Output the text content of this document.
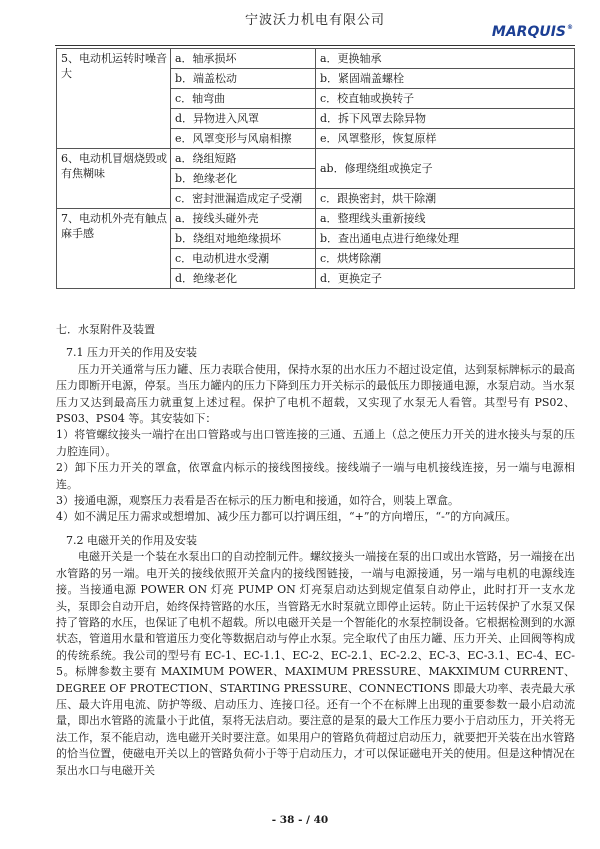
宁波沃力机电有限公司
MARQUIS ®
5、电动机运转时噪音大	a．轴承损坏	a．更换轴承
	b．端盖松动	b．紧固端盖螺栓
	c．轴弯曲	c．校直轴或换转子
	d．异物进入风罩	d．拆下风罩去除异物
	e．风罩变形与风扇相擦	e．风罩整形，恢复原样
6、电动机冒烟烧毁或有焦糊味	a．绕组短路	ab．修理绕组或换定子
	b．绝缘老化	
	c．密封泄漏造成定子受潮	c．跟换密封，烘干除潮
7、电动机外壳有触点麻手感	a．接线头碰外壳	a．整理线头重新接线
	b．绕组对地绝缘损坏	b．查出通电点进行绝缘处理
	c．电动机进水受潮	c．烘烤除潮
	d．绝缘老化	d．更换定子

七．水泵附件及装置

7.1 压力开关的作用及安装

压力开关通常与压力罐、压力表联合使用，保持水泵的出水压力不超过设定值，达到泵标牌标示的最高压力即断开电源，停泵。当压力罐内的压力下降到压力开关标示的最低压力即接通电源，水泵启动。当水泵压力又达到最高压力就重复上述过程。保护了电机不超载，又实现了水泵无人看管。其型号有 PS02、PS03、PS04 等。其安装如下：

1）将管螺纹接头一端拧在出口管路或与出口管连接的三通、五通上（总之使压力开关的进水接头与泵的压力腔连同）。

2）卸下压力开关的罩盒，依罩盒内标示的接线图接线。接线端子一端与电机接线连接，另一端与电源相连。

3）接通电源，观察压力表看是否在标示的压力断电和接通，如符合，则装上罩盒。

4）如不满足压力需求或想增加、减少压力都可以拧调压组，“+”的方向增压，“-”的方向减压。

7.2 电磁开关的作用及安装

电磁开关是一个装在水泵出口的自动控制元件。螺纹接头一端接在泵的出口或出水管路，另一端接在出水管路的另一端。电开关的接线依照开关盒内的接线图链接，一端与电源接通，另一端与电机的电源线连接。当接通电源 POWER ON 灯亮 PUMP ON 灯亮泵启动达到规定值泵自动停止，此时打开一支水龙头，泵即会自动开启，始终保持管路的水压，当管路无水时泵就立即停止运转。防止干运转保护了水泵又保持了管路的水压，也保证了电机不超载。所以电磁开关是一个智能化的水泵控制设备。它根据检测到的水源状态，管道用水量和管道压力变化等数据启动与停止水泵。完全取代了由压力罐、压力开关、止回阀等构成的传统系统。我公司的型号有 EC-1、EC-1.1、EC-2、EC-2.1、EC-2.2、EC-3、EC-3.1、EC-4、EC-5。标牌参数主要有 MAXIMUM POWER、MAXIMUM PRESSURE、MAKXIMUM CURRENT、DEGREE OF PROTECTION、STARTING PRESSURE、CONNECTIONS 即最大功率、表壳最大承压、最大许用电流、防护等级、启动压力、连接口径。还有一个不在标牌上出现的重要参数一最小启动流量，即出水管路的流量小于此值，泵将无法启动。要注意的是泵的最大工作压力要小于启动压力，开关将无法工作，泵不能启动，选电磁开关时要注意。如果用户的管路负荷超过启动压力，就要把开关装在出水管路的恰当位置，使磁电开关以上的管路负荷小于等于启动压力，才可以保证磁电开关的使用。但是这种情况在泵出水口与电磁开关

- 38 - / 40
